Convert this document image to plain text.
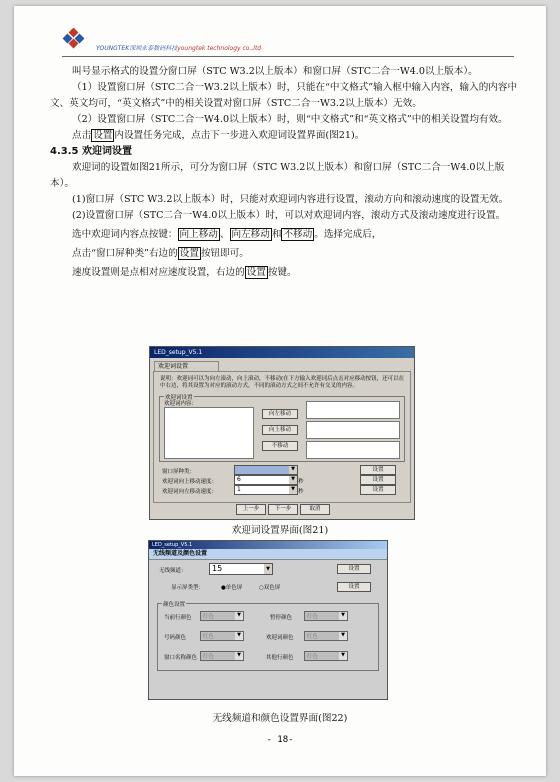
YOUNGTEK深圳永泰数码科技youngtek technology co.,ltd

叫号显示格式的设置分窗口屏（STC W3.2以上版本）和窗口屏（STC二合一W4.0以上版本）。

（1）设置窗口屏（STC二合一W3.2以上版本）时，只能在“中文格式”输入框中输入内容，输入的内容中文、英文均可，“英文格式”中的相关设置对窗口屏（STC二合一W3.2以上版本）无效。

（2）设置窗口屏（STC二合一W4.0以上版本）时，则“中文格式”和“英文格式”中的相关设置均有效。

点击 设置 内设置任务完成，点击下一步进入欢迎词设置界面(图21)。

4.3.5 欢迎词设置

欢迎词的设置如图21所示，可分为窗口屏（STC W3.2以上版本）和窗口屏（STC二合一W4.0以上版本）。

(1)窗口屏（STC W3.2以上版本）时，只能对欢迎词内容进行设置，滚动方向和滚动速度的设置无效。

(2)设置窗口屏（STC二合一W4.0以上版本）时，可以对欢迎词内容，滚动方式及滚动速度进行设置。

选中欢迎词内容点按键： 向上移动 、 向左移动 和 不移动 。选择完成后，

点击“窗口屏种类”右边的 设置 按钮即可。

速度设置则是点相对应速度设置，右边的 设置 按键。

LED_setup_V5.1
欢迎词设置
说明：欢迎词可以为向左滚动，向上滚动，不移动(在下方输入欢迎词后点击对应移动按钮，还可以在中右边，将其设置为对应的滚动方式，不同的滚动方式之间不允许有交叉的内容。
欢迎词设置
欢迎词内容：
向左移动
向上移动
不移动
窗口屏种类：
▼	设置
欢迎词向上移动速度：	6 ▼	秒	设置
欢迎词向左移动速度：	1 ▼	秒	设置
上一步	下一步	取消
欢迎词设置界面(图21)
LED_setup_V5.1
无线频道及颜色设置
无线频道：	15 ▼	设置
显示屏类型：	●单色屏	○双色屏	设置
颜色设置
当前行颜色	红色 ▼	暂停颜色	红色 ▼
号码颜色	红色 ▼	欢迎词颜色	红色 ▼
窗口名称颜色	红色 ▼	其他行颜色	红色 ▼
无线频道和颜色设置界面(图22)
- 18-
